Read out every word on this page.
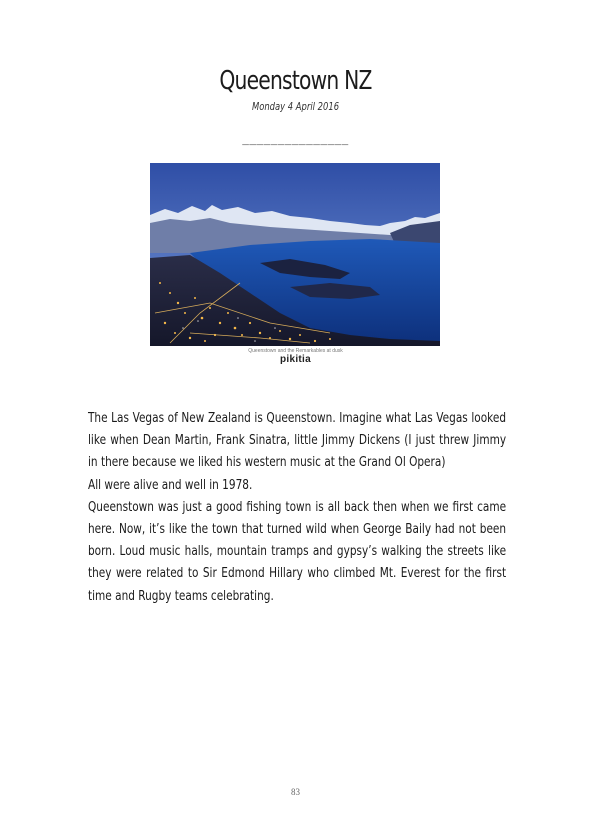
Queenstown NZ
Monday 4 April 2016
_______________
Queenstown and the Remarkables at dusk
pikitia

The Las Vegas of New Zealand is Queenstown. Imagine what Las Vegas looked like when Dean Martin, Frank Sinatra, little Jimmy Dickens (I just threw Jimmy in there because we liked his western music at the Grand Ol Opera)

All were alive and well in 1978.

Queenstown was just a good fishing town is all back then when we first came here. Now, it’s like the town that turned wild when George Baily had not been born. Loud music halls, mountain tramps and gypsy’s walking the streets like they were related to Sir Edmond Hillary who climbed Mt. Everest for the first time and Rugby teams celebrating.

83
